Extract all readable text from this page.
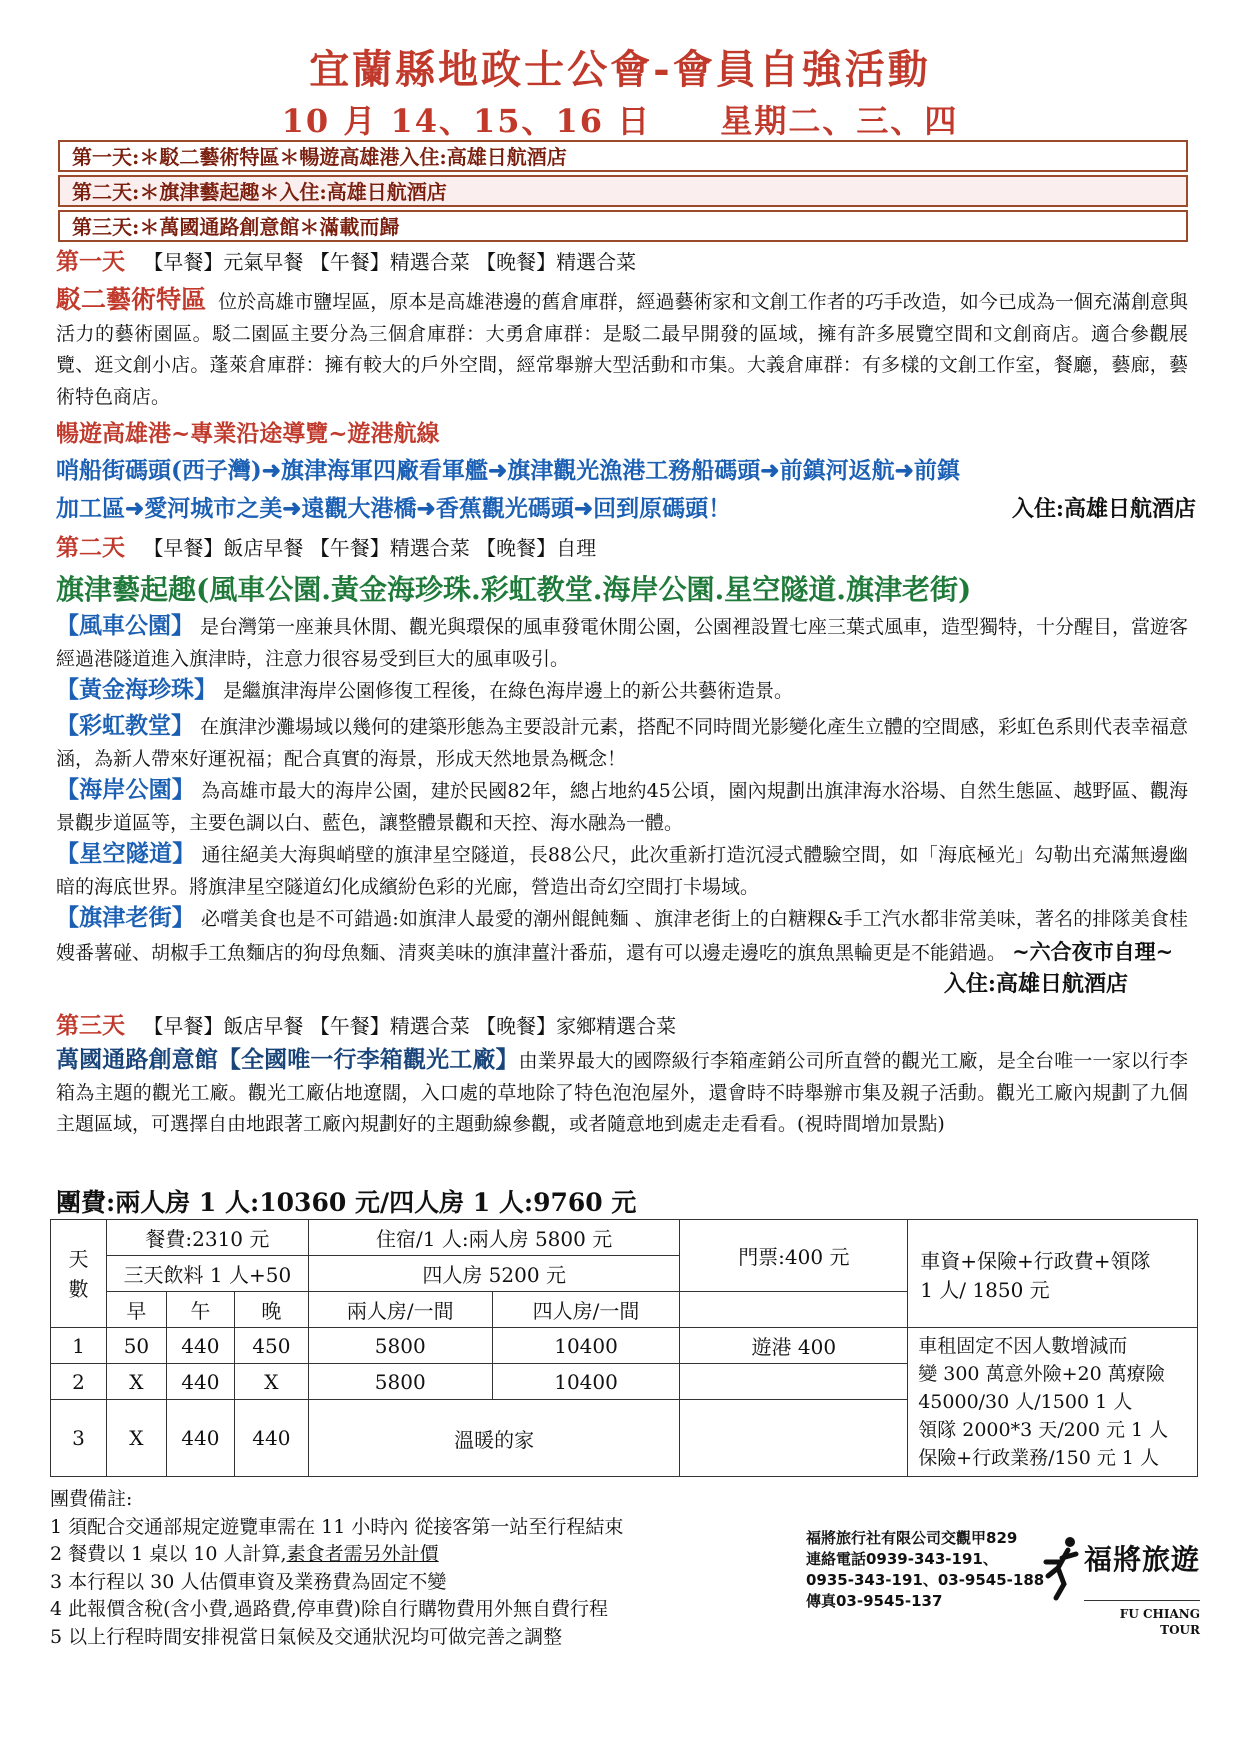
宜蘭縣地政士公會-會員自強活動
10 月 14、15、16 日 星期二、三、四
第一天:＊駁二藝術特區＊暢遊高雄港入住:高雄日航酒店
第二天:＊旗津藝起趣＊入住:高雄日航酒店
第三天:＊萬國通路創意館＊滿載而歸
第一天 【早餐】元氣早餐 【午餐】精選合菜 【晚餐】精選合菜
駁二藝術特區 位於高雄市鹽埕區，原本是高雄港邊的舊倉庫群，經過藝術家和文創工作者的巧手改造，如今已成為一個充滿創意與活力的藝術園區。駁二園區主要分為三個倉庫群：大勇倉庫群：是駁二最早開發的區域，擁有許多展覽空間和文創商店。適合參觀展覽、逛文創小店。蓬萊倉庫群：擁有較大的戶外空間，經常舉辦大型活動和市集。大義倉庫群：有多樣的文創工作室，餐廳，藝廊，藝術特色商店。
暢遊高雄港~專業沿途導覽~遊港航線
哨船街碼頭(西子灣)➜旗津海軍四廠看軍艦➜旗津觀光漁港工務船碼頭➜前鎮河返航➜前鎮
加工區➜愛河城市之美➜遠觀大港橋➜香蕉觀光碼頭➜回到原碼頭！	入住:高雄日航酒店
第二天 【早餐】飯店早餐 【午餐】精選合菜 【晚餐】自理
旗津藝起趣(風車公園.黃金海珍珠.彩虹教堂.海岸公園.星空隧道.旗津老街)
【風車公園】 是台灣第一座兼具休閒、觀光與環保的風車發電休閒公園，公園裡設置七座三葉式風車，造型獨特，十分醒目，當遊客經過港隧道進入旗津時，注意力很容易受到巨大的風車吸引。
【黃金海珍珠】 是繼旗津海岸公園修復工程後，在綠色海岸邊上的新公共藝術造景。
【彩虹教堂】 在旗津沙灘場域以幾何的建築形態為主要設計元素，搭配不同時間光影變化產生立體的空間感，彩虹色系則代表幸福意涵，為新人帶來好運祝福；配合真實的海景，形成天然地景為概念！
【海岸公園】 為高雄市最大的海岸公園，建於民國82年，總占地約45公頃，園內規劃出旗津海水浴場、自然生態區、越野區、觀海景觀步道區等，主要色調以白、藍色，讓整體景觀和天控、海水融為一體。
【星空隧道】 通往絕美大海與峭壁的旗津星空隧道，長88公尺，此次重新打造沉浸式體驗空間，如「海底極光」勾勒出充滿無邊幽暗的海底世界。將旗津星空隧道幻化成繽紛色彩的光廊，營造出奇幻空間打卡場域。
【旗津老街】 必嚐美食也是不可錯過:如旗津人最愛的潮州餛飩麵 、旗津老街上的白糖粿&手工汽水都非常美味，著名的排隊美食桂嫂番薯碰、胡椒手工魚麵店的狗母魚麵、清爽美味的旗津薑汁番茄，還有可以邊走邊吃的旗魚黑輪更是不能錯過。 ~六合夜市自理~
入住:高雄日航酒店
第三天 【早餐】飯店早餐 【午餐】精選合菜 【晚餐】家鄉精選合菜
萬國通路創意館【全國唯一行李箱觀光工廠】由業界最大的國際級行李箱產銷公司所直營的觀光工廠，是全台唯一一家以行李箱為主題的觀光工廠。觀光工廠佔地遼闊，入口處的草地除了特色泡泡屋外，還會時不時舉辦市集及親子活動。觀光工廠內規劃了九個主題區域，可選擇自由地跟著工廠內規劃好的主題動線參觀，或者隨意地到處走走看看。(視時間增加景點)
團費:兩人房 1 人:10360 元/四人房 1 人:9760 元
天數	餐費:2310 元			住宿/1 人:兩人房 5800 元		門票:400 元	車資+保險+行政費+領隊
1 人/ 1850 元

	三天飲料 1 人+50			四人房 5200 元			
	早	午	晚	兩人房/一間	四人房/一間		
1	50	440	450	5800	10400	遊港 400	車租固定不因人數增減而
變 300 萬意外險+20 萬療險
45000/30 人/1500 1 人
領隊 2000*3 天/200 元 1 人
保險+行政業務/150 元 1 人

2	X	440	X	5800	10400		
3	X	440	440	溫暖的家			
團費備註:
1 須配合交通部規定遊覽車需在 11 小時內 從接客第一站至行程結束
2 餐費以 1 桌以 10 人計算,素食者需另外計價
3 本行程以 30 人估價車資及業務費為固定不變
4 此報價含稅(含小費,過路費,停車費)除自行購物費用外無自費行程
5 以上行程時間安排視當日氣候及交通狀況均可做完善之調整
福將旅行社有限公司交觀甲829
連絡電話0939-343-191、
0935-343-191、03-9545-188
傳真03-9545-137
福將旅遊
FU CHIANG
TOUR
